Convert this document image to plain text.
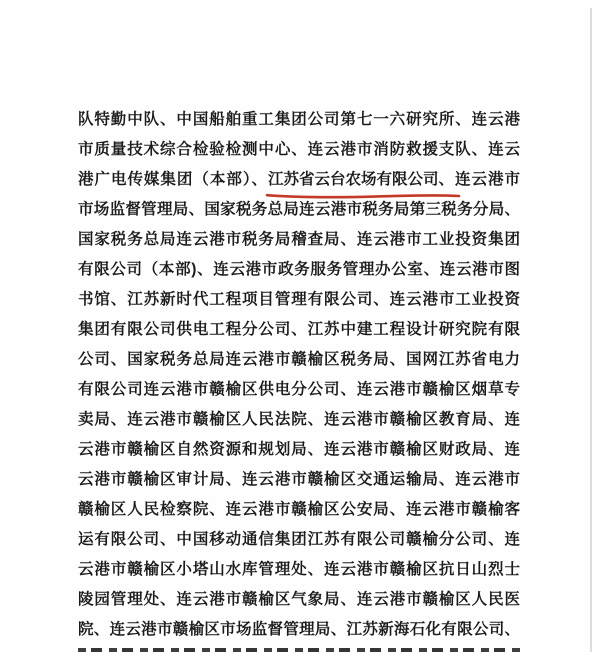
队特勤中队、中国船舶重工集团公司第七一六研究所、连云港
市质量技术综合检验检测中心、连云港市消防救援支队、连云
港广电传媒集团（本部）、江苏省云台农场有限公司、
连云港市
市场监督管理局、国家税务总局连云港市税务局第三税务分局、
国家税务总局连云港市税务局稽查局、连云港市工业投资集团
有限公司（本部)、连云港市政务服务管理办公室、连云港市图
书馆、江苏新时代工程项目管理有限公司、连云港市工业投资
集团有限公司供电工程分公司、江苏中建工程设计研究院有限
公司、国家税务总局连云港市赣榆区税务局、国网江苏省电力
有限公司连云港市赣榆区供电分公司、连云港市赣榆区烟草专
卖局、连云港市赣榆区人民法院、连云港市赣榆区教育局、连
云港市赣榆区自然资源和规划局、连云港市赣榆区财政局、连
云港市赣榆区审计局、连云港市赣榆区交通运输局、连云港市
赣榆区人民检察院、连云港市赣榆区公安局、连云港市赣榆客
运有限公司、中国移动通信集团江苏有限公司赣榆分公司、连
云港市赣榆区小塔山水库管理处、连云港市赣榆区抗日山烈士
陵园管理处、连云港市赣榆区气象局、连云港市赣榆区人民医
院、连云港市赣榆区市场监督管理局、江苏新海石化有限公司、
